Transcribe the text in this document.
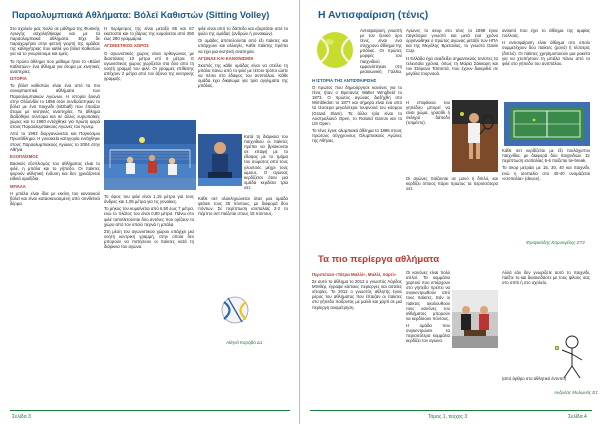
Παραολυμπιακά Αθλήματα: Βόλεϊ Καθιστών (Sitting Volley)

Στο σχολείο μας ποιλύ σε μάθημα της Φυσικής Αγωγής ασχοληθήκαμε και με τα παραολυμπιακά αθλήματα. Είχε δε παραχωρήσει στην φετινή γιορτή της ομάδας της καθηγήτριας που καθιέ για βόλεϊ Καθιστών για να το γνωρίσουμε και εμείς.

Το πρώτο άθλημα που μάθαμε ήταν το «Βόλεϊ Καθιστών» ένα άθλημα για άτομα με κινητικές αναπηρίες.

ΙΣΤΟΡΙΑ

Το βόλεϊ καθιστών είναι ένα από τα πιο συναρπαστικά αθλήματα των Παραολυμπιακών Αγώνων. Η ιστορία ξεκινά στην Ολλανδία το 1956 όταν συνδυάστηκαν το βόλεϊ με ένα παιχνίδι (sitzball) που έπαιζαν άτομα με κινητικές αναπηρίες. Το άθλημα διαδόθηκε σύντομα και σε άλλες ευρωπαϊκές χώρες και το 1980 εντάχθηκε για πρώτη φορά στους Παραολυμπιακούς Αγώνες του Άρνεμ.

Από το 1993 διοργανώνεται και Παγκόσμιο Πρωτάθλημα. Η γυναικεία κατηγορία εντάχθηκε στους Παραολυμπιακούς Αγώνες το 2004 στην Αθήνα.

ΕΞΟΠΛΙΣΜΟΣ

Βασικός εξοπλισμός του αθλήματος είναι το φιλέ, η μπάλα και το γήπεδο. Οι παίκτες φορούν αθλητική ένδυση και δεν χρειάζονται ειδικά αμαξίδια.

ΜΠΑΛΑ

Η μπάλα είναι ίδια με εκείνη του κανονικού βόλεϊ και είναι κατασκευασμένη από συνθετικό δέρμα.

Η περίμετρος της είναι μεταξύ 65 και 67 εκατοστά και το βάρος της κυμαίνεται από 260 έως 280 γραμμάρια.

ΑΓΩΝΙΣΤΙΚΟΣ ΧΩΡΟΣ

Ο αγωνιστικός χώρος είναι ορθογώνιος με διαστάσεις 10 μέτρα επί 6 μέτρα. Ο αγωνιστικός χώρος χωρίζεται στα δύο από τη νοητή γραμμή του φιλέ. Οι γραμμές επίθεσης απέχουν 2 μέτρα από τον άξονα της κεντρικής γραμμής.

Το ύψος του φιλέ είναι 1,15 μέτρα για τους άνδρες και 1,05 μέτρα για τις γυναίκες.

Το μήκος του κυμαίνεται από 6,50 έως 7 μέτρα, ενώ το πλάτος του είναι 0,80 μέτρα. Πάνω στο φιλέ τοποθετούνται δύο αντένες που ορίζουν το χώρο από τον οποίο περνά η μπάλα.

Στη μέση του αγωνιστικού χώρου υπάρχει μια νοητή κεντρική γραμμή, στην οποία δεν μπορούν να πατήσουν οι παίκτες κατά τη διάρκεια του αγώνα.

φιλέ είναι από το δάπεδο και εξαρτάται από το φύλο της ομάδας (ανδρών ή γυναικών).

Οι ομάδες αποτελούνται από έξι παίκτες και υπάρχουν και αλλαγές. Κάθε παίκτης πρέπει να έχει μια κινητική αναπηρία.

ΑΓΩΝΑΣ ΚΑΙ ΚΑΝΟΝΙΣΜΟΙ

Σκοπός της κάθε ομάδας είναι να στείλει τη μπάλα πάνω από το φιλέ με τέτοιο τρόπο ώστε να πέσει στο έδαφος του αντιπάλου. Κάθε ομάδα έχει δικαίωμα για τρία αγγίγματα της μπάλας.

Κατά τη διάρκεια του παιχνιδιού οι παίκτες πρέπει να βρίσκονται σε επαφή με το έδαφος με το τμήμα του σώματος από τους γλουτούς μέχρι τους ώμους. Ο αγώνας κερδίζεται όταν μια ομάδα κερδίσει τρία σετ.

Κάθε σετ ολοκληρώνεται όταν μια ομάδα φτάσει τους 25 πόντους, με διαφορά δύο πόντων. Σε περίπτωση ισοπαλίας 2-2 το πέμπτο σετ παίζεται στους 15 πόντους.

Αθηνά Καράβα Δ1
Σελίδα 3
Η Αντισφαίριση (τένις)

Αντισφαίριση, γνωστή με τον ξενικό όρο τένις, είναι ένα σύγχρονο άθλημα της μπάλας. Οι πρώτες μορφές του παιχνιδιού εμφανίστηκαν στη μεσαιωνική Γαλλία,

Η ΙΣΤΟΡΙΑ ΤΗΣ ΑΝΤΙΣΦΑΙΡΙΣΗΣ

Ο πρώτος που δημιούργησε κανόνες για το τένις ήταν ο Βρετανός Walter Wingfield το 1873. Ο πρώτος αγώνας διεξήχθη στο Wimbledon το 1877 και σήμερα είναι ένα από τα τέσσερα μεγαλύτερα τουρνουά του κόσμου (Grand Slam). Τα άλλα τρία είναι το Αυστραλιανό Open, το Roland Garros και το US Open.

Το τένις έγινε ολυμπιακό άθλημα το 1896 στους πρώτους σύγχρονους Ολυμπιακούς Αγώνες της Αθήνας.

Αγώνες το σκορ στο τένις το 1898 έγινε παγκόσμια γνωστό και μετά ενα χρόνο οργανώθηκε ο πρώτος αγώνας μεταξύ των ΗΠΑ και της Μεγάλης Βρετανίας, το γνωστό Davis Cup.

Η Ελλάδα έχει αναδείξει σημαντικούς τενίστες τα τελευταία χρόνια, όπως τη Μαρία Σάκκαρη και τον Στέφανο Τσιτσιπά, που έχουν διακριθεί σε μεγάλα τουρνουά.

Η επιφάνεια του γηπέδου μπορεί να είναι χώμα, γρασίδι ή σκληρό δάπεδο (τσιμέντο).

Οι αγώνες παίζονται σε μονό ή διπλό, και κερδίζει όποιος πάρει πρώτος τα περισσότερα σετ.

ανοικτό που έχει το άθλημα της αμφίας πολλούς.

Η αντισφαίριση είναι άθλημα στο οποίο συμμετέχουν δύο παίκτες (μονό) ή τέσσερις (διπλό). Οι παίκτες χρησιμοποιούν μια ρακέτα για να χτυπήσουν τη μπάλα πάνω από το φιλέ στο γήπεδο του αντιπάλου.

Κάθε σετ κερδίζεται με έξι τουλάχιστον παιχνίδια, με διαφορά δύο παιχνιδιών. Σε περίπτωση ισοπαλίας 6-6 παίζεται tie-break.

Το σκορ μετράει με 15, 30, 40 και παιχνίδι, ενώ η ισοπαλία στο 40-40 ονομάζεται «ισοπαλία» (deuce).

Φραγκιάδης Καρυαγέλης ΣΤ2
Τα πιο περίεργα αθλήματα
Περιπέτεια «Τάτρα Μαλλί», Μαλλί, Χαρτί»

Σε αυτό το άθλημα το 2012 ο γνωστός Λάρδος Μπιθέρ, έγραψε κάποιες περίεργες και αστείες ιστορίες. Το 2012 ο γνωστός αθλητής έγινε μέρος του αθλήματος που έπαιζαν οι παίκτες στο γήπεδο παίζοντας με μαλλί και χαρτί σε μια περίεργη αναμέτρηση.

Οι κανόνες είναι πολύ απλοί. Τα κομμάτια χαρτιού που υπάρχουν στο γήπεδο πρέπει να συγκεντρωθούν από τους παίκτες. Εάν οι παίκτες ακολουθούν τους κανόνες του αθλήματος μπορούν να κερδίσουν πόντους.

Η ομάδα που συγκεντρώσει τα περισσότερα κομμάτια κερδίζει τον αγώνα.

Αλλά εάν δεν γνωρίζετε αυτό το παιχνίδι, παίξτε το και διασκεδάστε με τους φίλους σας στο σπίτι ή στο σχολείο.

(από άρθρο στο αθλητικό έντυπο)

Ανδρέας Μυλωνάς Ε1
Τόμος 1, τεύχος 3	Σελίδα 4
